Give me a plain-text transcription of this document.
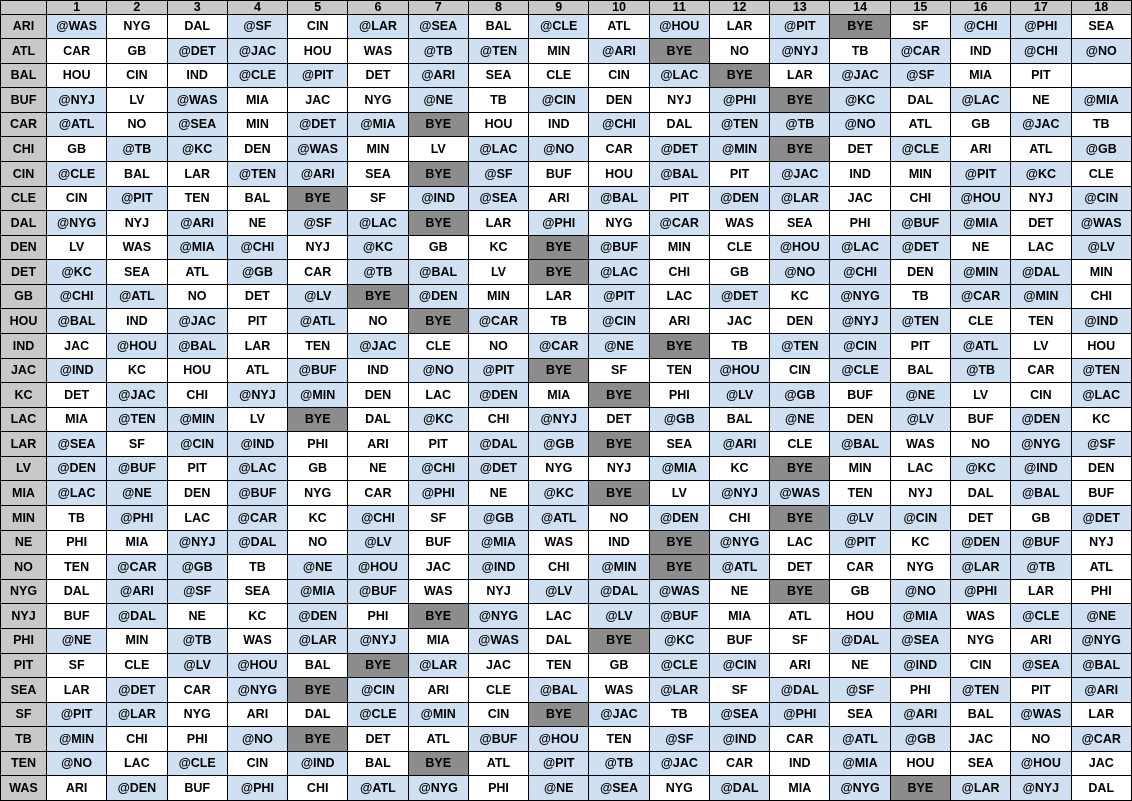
	1	2	3	4	5	6	7	8	9	10	11	12	13	14	15	16	17	18
ARI	@WAS	NYG	DAL	@SF	CIN	@LAR	@SEA	BAL	@CLE	ATL	@HOU	LAR	@PIT	BYE	SF	@CHI	@PHI	SEA
ATL	CAR	GB	@DET	@JAC	HOU	WAS	@TB	@TEN	MIN	@ARI	BYE	NO	@NYJ	TB	@CAR	IND	@CHI	@NO
BAL	HOU	CIN	IND	@CLE	@PIT	DET	@ARI	SEA	CLE	CIN	@LAC	BYE	LAR	@JAC	@SF	MIA	PIT	
BUF	@NYJ	LV	@WAS	MIA	JAC	NYG	@NE	TB	@CIN	DEN	NYJ	@PHI	BYE	@KC	DAL	@LAC	NE	@MIA
CAR	@ATL	NO	@SEA	MIN	@DET	@MIA	BYE	HOU	IND	@CHI	DAL	@TEN	@TB	@NO	ATL	GB	@JAC	TB
CHI	GB	@TB	@KC	DEN	@WAS	MIN	LV	@LAC	@NO	CAR	@DET	@MIN	BYE	DET	@CLE	ARI	ATL	@GB
CIN	@CLE	BAL	LAR	@TEN	@ARI	SEA	BYE	@SF	BUF	HOU	@BAL	PIT	@JAC	IND	MIN	@PIT	@KC	CLE
CLE	CIN	@PIT	TEN	BAL	BYE	SF	@IND	@SEA	ARI	@BAL	PIT	@DEN	@LAR	JAC	CHI	@HOU	NYJ	@CIN
DAL	@NYG	NYJ	@ARI	NE	@SF	@LAC	BYE	LAR	@PHI	NYG	@CAR	WAS	SEA	PHI	@BUF	@MIA	DET	@WAS
DEN	LV	WAS	@MIA	@CHI	NYJ	@KC	GB	KC	BYE	@BUF	MIN	CLE	@HOU	@LAC	@DET	NE	LAC	@LV
DET	@KC	SEA	ATL	@GB	CAR	@TB	@BAL	LV	BYE	@LAC	CHI	GB	@NO	@CHI	DEN	@MIN	@DAL	MIN
GB	@CHI	@ATL	NO	DET	@LV	BYE	@DEN	MIN	LAR	@PIT	LAC	@DET	KC	@NYG	TB	@CAR	@MIN	CHI
HOU	@BAL	IND	@JAC	PIT	@ATL	NO	BYE	@CAR	TB	@CIN	ARI	JAC	DEN	@NYJ	@TEN	CLE	TEN	@IND
IND	JAC	@HOU	@BAL	LAR	TEN	@JAC	CLE	NO	@CAR	@NE	BYE	TB	@TEN	@CIN	PIT	@ATL	LV	HOU
JAC	@IND	KC	HOU	ATL	@BUF	IND	@NO	@PIT	BYE	SF	TEN	@HOU	CIN	@CLE	BAL	@TB	CAR	@TEN
KC	DET	@JAC	CHI	@NYJ	@MIN	DEN	LAC	@DEN	MIA	BYE	PHI	@LV	@GB	BUF	@NE	LV	CIN	@LAC
LAC	MIA	@TEN	@MIN	LV	BYE	DAL	@KC	CHI	@NYJ	DET	@GB	BAL	@NE	DEN	@LV	BUF	@DEN	KC
LAR	@SEA	SF	@CIN	@IND	PHI	ARI	PIT	@DAL	@GB	BYE	SEA	@ARI	CLE	@BAL	WAS	NO	@NYG	@SF
LV	@DEN	@BUF	PIT	@LAC	GB	NE	@CHI	@DET	NYG	NYJ	@MIA	KC	BYE	MIN	LAC	@KC	@IND	DEN
MIA	@LAC	@NE	DEN	@BUF	NYG	CAR	@PHI	NE	@KC	BYE	LV	@NYJ	@WAS	TEN	NYJ	DAL	@BAL	BUF
MIN	TB	@PHI	LAC	@CAR	KC	@CHI	SF	@GB	@ATL	NO	@DEN	CHI	BYE	@LV	@CIN	DET	GB	@DET
NE	PHI	MIA	@NYJ	@DAL	NO	@LV	BUF	@MIA	WAS	IND	BYE	@NYG	LAC	@PIT	KC	@DEN	@BUF	NYJ
NO	TEN	@CAR	@GB	TB	@NE	@HOU	JAC	@IND	CHI	@MIN	BYE	@ATL	DET	CAR	NYG	@LAR	@TB	ATL
NYG	DAL	@ARI	@SF	SEA	@MIA	@BUF	WAS	NYJ	@LV	@DAL	@WAS	NE	BYE	GB	@NO	@PHI	LAR	PHI
NYJ	BUF	@DAL	NE	KC	@DEN	PHI	BYE	@NYG	LAC	@LV	@BUF	MIA	ATL	HOU	@MIA	WAS	@CLE	@NE
PHI	@NE	MIN	@TB	WAS	@LAR	@NYJ	MIA	@WAS	DAL	BYE	@KC	BUF	SF	@DAL	@SEA	NYG	ARI	@NYG
PIT	SF	CLE	@LV	@HOU	BAL	BYE	@LAR	JAC	TEN	GB	@CLE	@CIN	ARI	NE	@IND	CIN	@SEA	@BAL
SEA	LAR	@DET	CAR	@NYG	BYE	@CIN	ARI	CLE	@BAL	WAS	@LAR	SF	@DAL	@SF	PHI	@TEN	PIT	@ARI
SF	@PIT	@LAR	NYG	ARI	DAL	@CLE	@MIN	CIN	BYE	@JAC	TB	@SEA	@PHI	SEA	@ARI	BAL	@WAS	LAR
TB	@MIN	CHI	PHI	@NO	BYE	DET	ATL	@BUF	@HOU	TEN	@SF	@IND	CAR	@ATL	@GB	JAC	NO	@CAR
TEN	@NO	LAC	@CLE	CIN	@IND	BAL	BYE	ATL	@PIT	@TB	@JAC	CAR	IND	@MIA	HOU	SEA	@HOU	JAC
WAS	ARI	@DEN	BUF	@PHI	CHI	@ATL	@NYG	PHI	@NE	@SEA	NYG	@DAL	MIA	@NYG	BYE	@LAR	@NYJ	DAL
